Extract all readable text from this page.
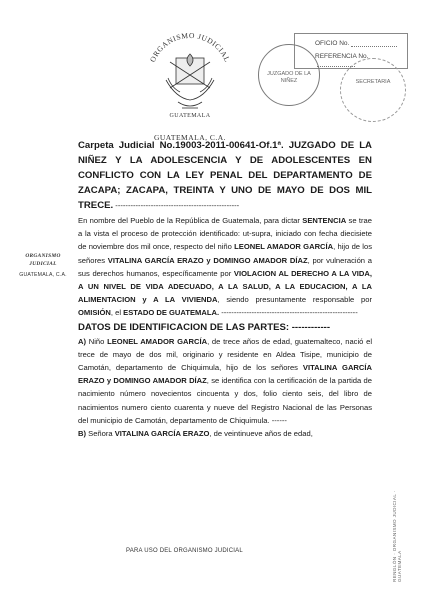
ORGANISMO JUDICIAL
GUATEMALA
GUATEMALA, C.A.
OFICIO No.
REFERENCIA No.
JUZGADO DE LA NIÑEZ	SECRETARIA
ORGANISMO
JUDICIAL
GUATEMALA, C.A.
Carpeta Judicial No.19003-2011-00641-Of.1ª. JUZGADO DE LA NIÑEZ Y LA ADOLESCENCIA Y DE ADOLESCENTES EN CONFLICTO CON LA LEY PENAL DEL DEPARTAMENTO DE ZACAPA; ZACAPA, TREINTA Y UNO DE MAYO DE DOS MIL TRECE. -------------------------------------------------

En nombre del Pueblo de la República de Guatemala, para dictar SENTENCIA se trae a la vista el proceso de protección identificado: ut-supra, iniciado con fecha diecisiete de noviembre dos mil once, respecto del niño LEONEL AMADOR GARCÍA, hijo de los señores VITALINA GARCÍA ERAZO y DOMINGO AMADOR DÍAZ, por vulneración a sus derechos humanos, específicamente por VIOLACION AL DERECHO A LA VIDA, A UN NIVEL DE VIDA ADECUADO, A LA SALUD, A LA EDUCACION, A LA ALIMENTACION y A LA VIVIENDA, siendo presuntamente responsable por OMISIÓN, el ESTADO DE GUATEMALA. ------------------------------------------------------

DATOS DE IDENTIFICACION DE LAS PARTES: ------------

A) Niño LEONEL AMADOR GARCÍA, de trece años de edad, guatemalteco, nació el trece de mayo de dos mil, originario y residente en Aldea Tisipe, municipio de Camotán, departamento de Chiquimula, hijo de los señores VITALINA GARCÍA ERAZO y DOMINGO AMADOR DÍAZ, se identifica con la certificación de la partida de nacimiento número novecientos cincuenta y dos, folio ciento seis, del libro de nacimientos numero ciento cuarenta y nueve del Registro Nacional de las Personas del municipio de Camotán, departamento de Chiquimula. ------

B) Señora VITALINA GARCÍA ERAZO, de veintinueve años de edad,

PARA USO DEL ORGANISMO JUDICIAL	RENGLÓN · ORGANISMO JUDICIAL · GUATEMALA
